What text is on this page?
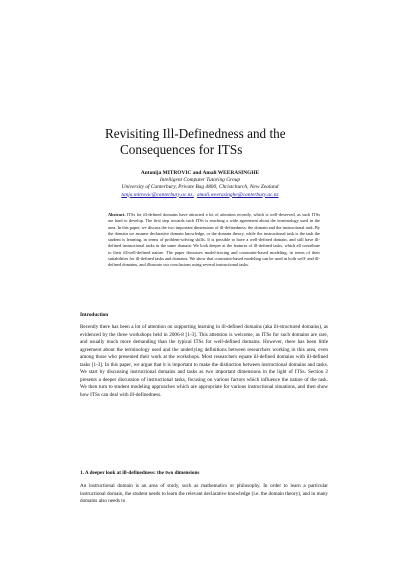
Revisiting Ill-Definedness and the
Consequences for ITSs
Antonija MITROVIC and Amali WEERASINGHE
Intelligent Computer Tutoring Group
University of Canterbury, Private Bag 4800, Christchurch, New Zealand
tanja.mitrovic@canterbury.ac.nz, amali.weerasinghe@canterbury.ac.nz
Abstract. ITSs for ill-defined domains have attracted a lot of attention recently, which is well-deserved, as such ITSs are hard to develop. The first step towards such ITSs is reaching a wide agreement about the terminology used in the area. In this paper, we discuss the two important dimensions of ill-definedness: the domain and the instructional task. By the domain we assume declarative domain knowledge, or the domain theory, while the instructional task is the task the student is learning, in terms of problem-solving skills. It is possible to have a well-defined domain, and still have ill-defined instructional tasks in the same domain. We look deeper at the features of ill-defined tasks, which all contribute to their ill/well-defined nature. The paper discusses model-tracing and constraint-based modeling, in terms of their suitabilities for ill-defined tasks and domains. We show that constraint-based modeling can be used in both well- and ill-defined domains, and illustrate our conclusions using several instructional tasks.
Introduction
Recently there has been a lot of attention on supporting learning in ill-defined domains (aka ill-structured domains), as evidenced by the three workshops held in 2006-8 [1-3]. This attention is welcome, as ITSs for such domains are rare, and usually much more demanding than the typical ITSs for well-defined domains. However, there has been little agreement about the terminology used and the underlying definitions between researchers working in this area, even among those who presented their work at the workshops. Most researchers equate ill-defined domains with ill-defined tasks [1-3]. In this paper, we argue that it is important to make the distinction between instructional domains and tasks. We start by discussing instructional domains and tasks as two important dimensions in the light of ITSs. Section 2 presents a deeper discussion of instructional tasks, focusing on various factors which influence the nature of the task. We then turn to student modeling approaches which are appropriate for various instructional situations, and then show how ITSs can deal with ill-definedness.
1. A deeper look at ill-definedness: the two dimensions
An instructional domain is an area of study, such as mathematics or philosophy. In order to learn a particular instructional domain, the student needs to learn the relevant declarative knowledge (i.e. the domain theory), and in many domains also needs to
